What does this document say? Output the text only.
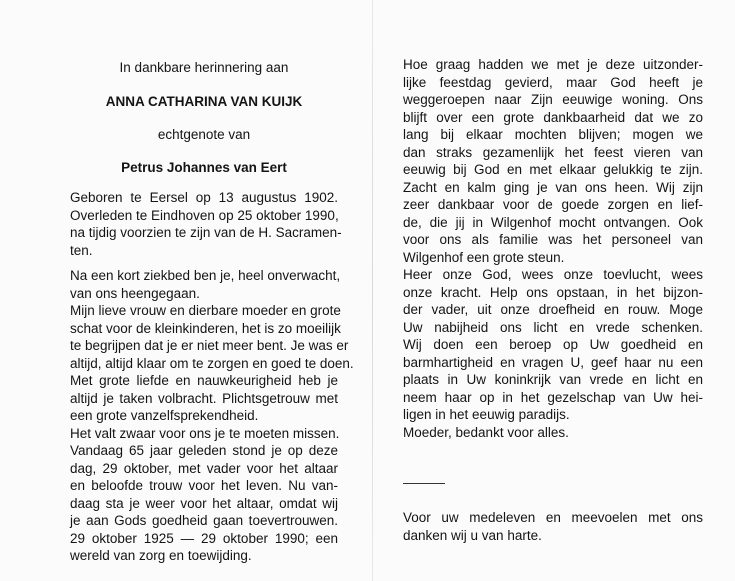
In dankbare herinnering aan
ANNA CATHARINA VAN KUIJK
echtgenote van
Petrus Johannes van Eert
Geboren te Eersel op 13 augustus 1902.
Overleden te Eindhoven op 25 oktober 1990,
na tijdig voorzien te zijn van de H. Sacramen-
ten.
Na een kort ziekbed ben je, heel onverwacht,
van ons heengegaan.
Mijn lieve vrouw en dierbare moeder en grote
schat voor de kleinkinderen, het is zo moeilijk
te begrijpen dat je er niet meer bent. Je was er
altijd, altijd klaar om te zorgen en goed te doen.
Met grote liefde en nauwkeurigheid heb je
altijd je taken volbracht. Plichtsgetrouw met
een grote vanzelfsprekendheid.
Het valt zwaar voor ons je te moeten missen.
Vandaag 65 jaar geleden stond je op deze
dag, 29 oktober, met vader voor het altaar
en beloofde trouw voor het leven. Nu van-
daag sta je weer voor het altaar, omdat wij
je aan Gods goedheid gaan toevertrouwen.
29 oktober 1925 — 29 oktober 1990; een
wereld van zorg en toewijding.
Hoe graag hadden we met je deze uitzonder-
lijke feestdag gevierd, maar God heeft je
weggeroepen naar Zijn eeuwige woning. Ons
blijft over een grote dankbaarheid dat we zo
lang bij elkaar mochten blijven; mogen we
dan straks gezamenlijk het feest vieren van
eeuwig bij God en met elkaar gelukkig te zijn.
Zacht en kalm ging je van ons heen. Wij zijn
zeer dankbaar voor de goede zorgen en lief-
de, die jij in Wilgenhof mocht ontvangen. Ook
voor ons als familie was het personeel van
Wilgenhof een grote steun.
Heer onze God, wees onze toevlucht, wees
onze kracht. Help ons opstaan, in het bijzon-
der vader, uit onze droefheid en rouw. Moge
Uw nabijheid ons licht en vrede schenken.
Wij doen een beroep op Uw goedheid en
barmhartigheid en vragen U, geef haar nu een
plaats in Uw koninkrijk van vrede en licht en
neem haar op in het gezelschap van Uw hei-
ligen in het eeuwig paradijs.
Moeder, bedankt voor alles.
Voor uw medeleven en meevoelen met ons
danken wij u van harte.
